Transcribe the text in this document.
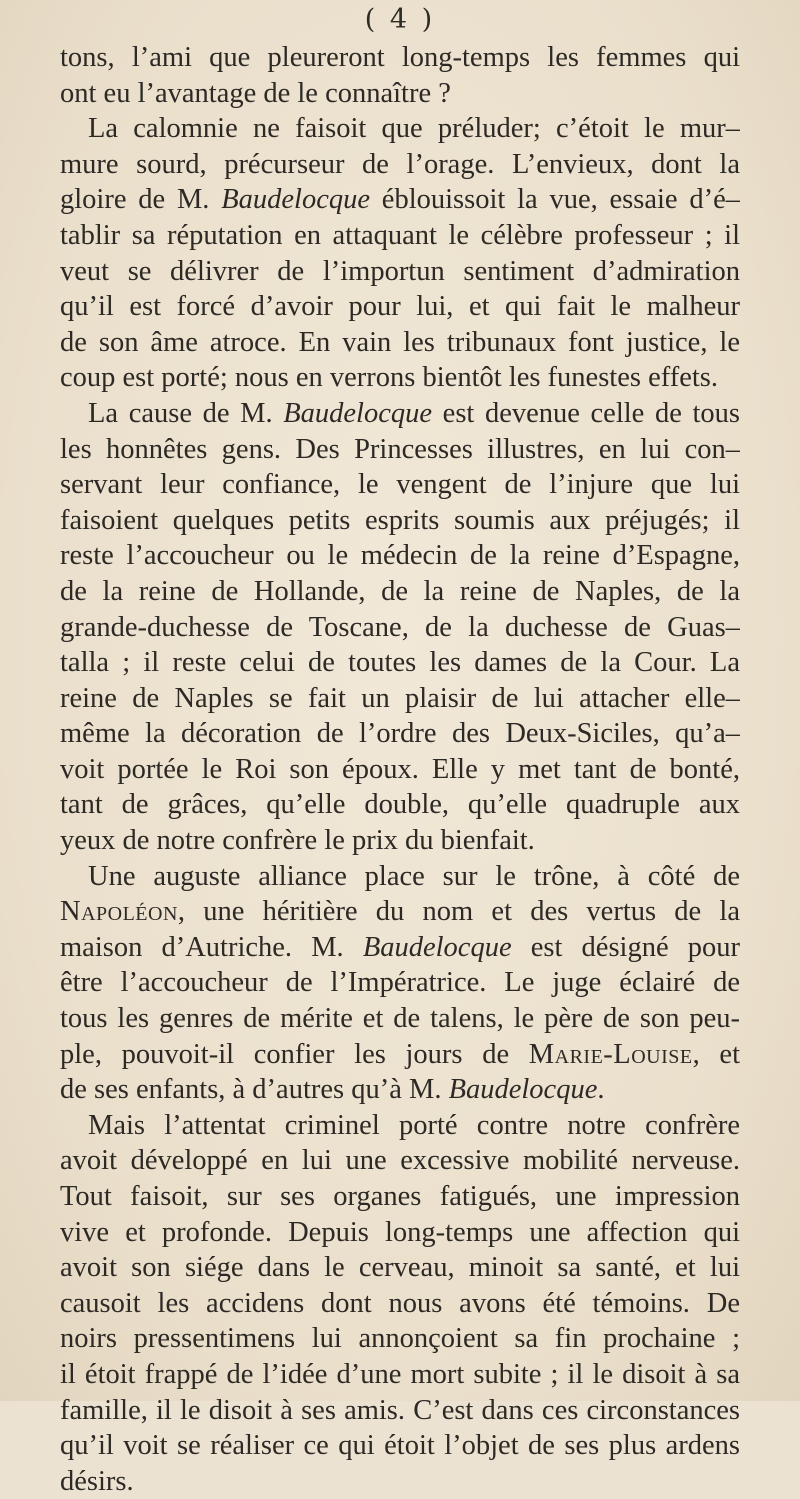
( 4 )
tons, l’ami que pleureront long-temps les femmes qui
ont eu l’avantage de le connaître ?
La calomnie ne faisoit que préluder; c’étoit le mur–
mure sourd, précurseur de l’orage. L’envieux, dont la
gloire de M. Baudelocque éblouissoit la vue, essaie d’é–
tablir sa réputation en attaquant le célèbre professeur ; il
veut se délivrer de l’importun sentiment d’admiration
qu’il est forcé d’avoir pour lui, et qui fait le malheur
de son âme atroce. En vain les tribunaux font justice, le
coup est porté; nous en verrons bientôt les funestes effets.
La cause de M. Baudelocque est devenue celle de tous
les honnêtes gens. Des Princesses illustres, en lui con–
servant leur confiance, le vengent de l’injure que lui
faisoient quelques petits esprits soumis aux préjugés; il
reste l’accoucheur ou le médecin de la reine d’Espagne,
de la reine de Hollande, de la reine de Naples, de la
grande-duchesse de Toscane, de la duchesse de Guas–
talla ; il reste celui de toutes les dames de la Cour. La
reine de Naples se fait un plaisir de lui attacher elle–
même la décoration de l’ordre des Deux-Siciles, qu’a–
voit portée le Roi son époux. Elle y met tant de bonté,
tant de grâces, qu’elle double, qu’elle quadruple aux
yeux de notre confrère le prix du bienfait.
Une auguste alliance place sur le trône, à côté de
Napoléon, une héritière du nom et des vertus de la
maison d’Autriche. M. Baudelocque est désigné pour
être l’accoucheur de l’Impératrice. Le juge éclairé de
tous les genres de mérite et de talens, le père de son peu-
ple, pouvoit-il confier les jours de Marie-Louise, et
de ses enfants, à d’autres qu’à M. Baudelocque.
Mais l’attentat criminel porté contre notre confrère
avoit développé en lui une excessive mobilité nerveuse.
Tout faisoit, sur ses organes fatigués, une impression
vive et profonde. Depuis long-temps une affection qui
avoit son siége dans le cerveau, minoit sa santé, et lui
causoit les accidens dont nous avons été témoins. De
noirs pressentimens lui annonçoient sa fin prochaine ;
il étoit frappé de l’idée d’une mort subite ; il le disoit à sa
famille, il le disoit à ses amis. C’est dans ces circonstances
qu’il voit se réaliser ce qui étoit l’objet de ses plus ardens
désirs.
